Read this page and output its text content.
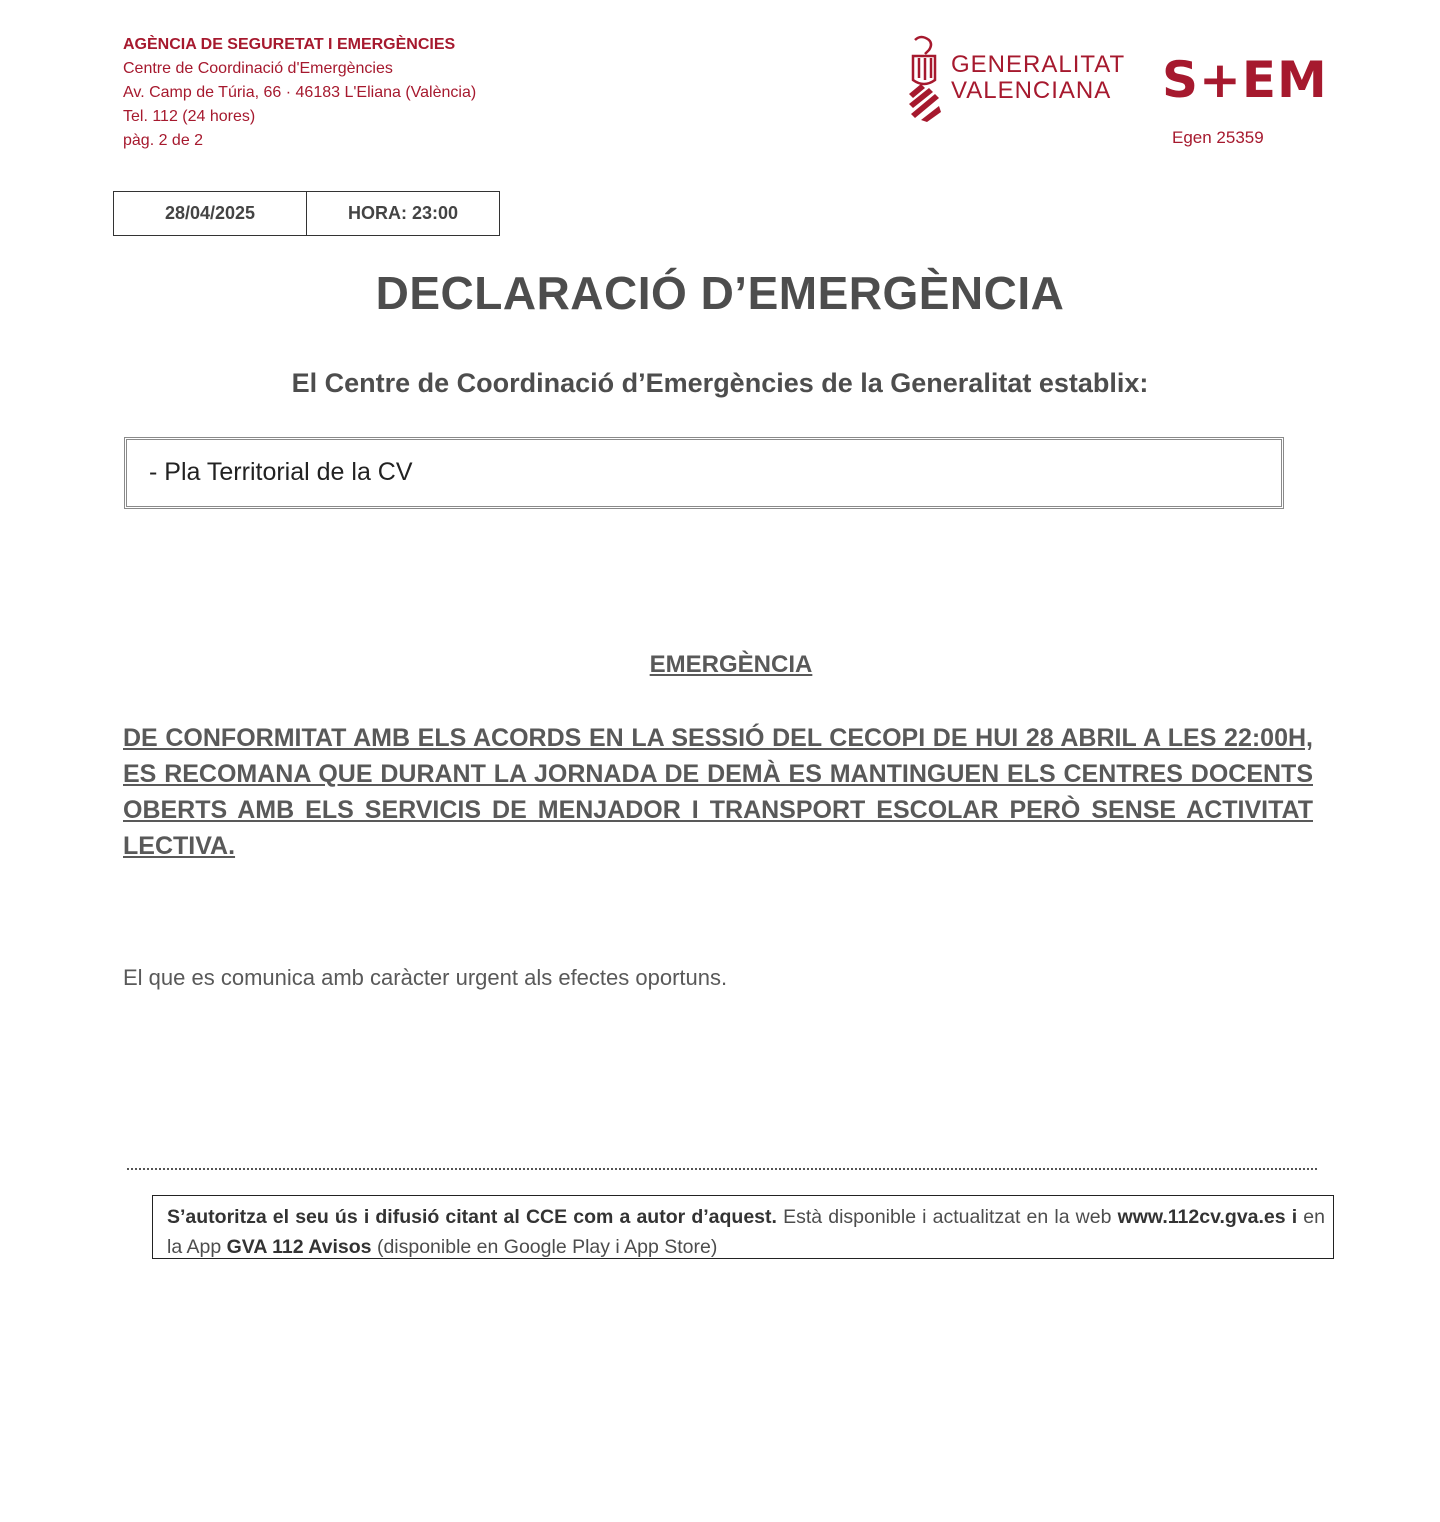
AGÈNCIA DE SEGURETAT I EMERGÈNCIES
Centre de Coordinació d'Emergències
Av. Camp de Túria, 66 · 46183 L'Eliana (València)
Tel. 112 (24 hores)
pàg. 2 de 2
GENERALITAT
VALENCIANA S+EM
Egen 25359
28/04/2025	HORA: 23:00
DECLARACIÓ D’EMERGÈNCIA
El Centre de Coordinació d’Emergències de la Generalitat establix:
- Pla Territorial de la CV
EMERGÈNCIA
DE CONFORMITAT AMB ELS ACORDS EN LA SESSIÓ DEL CECOPI DE HUI 28 ABRIL A LES 22:00H, ES RECOMANA QUE DURANT LA JORNADA DE DEMÀ ES MANTINGUEN ELS CENTRES DOCENTS OBERTS AMB ELS SERVICIS DE MENJADOR I TRANSPORT ESCOLAR PERÒ SENSE ACTIVITAT LECTIVA.
El que es comunica amb caràcter urgent als efectes oportuns.
S’autoritza el seu ús i difusió citant al CCE com a autor d’aquest. Està disponible i actualitzat en la web www.112cv.gva.es i en la App GVA 112 Avisos (disponible en Google Play i App Store)
